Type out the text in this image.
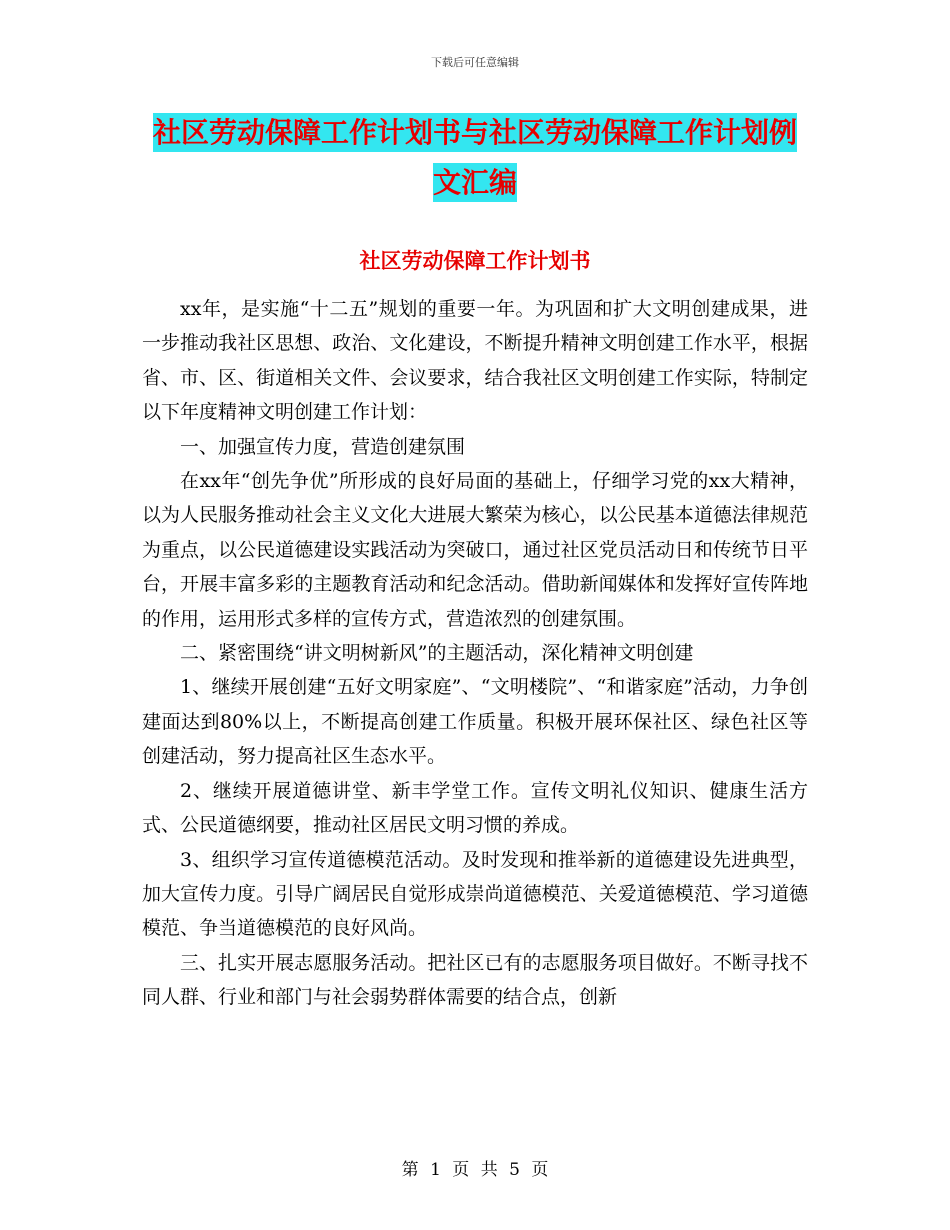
下载后可任意编辑
社区劳动保障工作计划书与社区劳动保障工作计划例
文汇编
社区劳动保障工作计划书

xx年，是实施“十二五”规划的重要一年。为巩固和扩大文明创建成果，进一步推动我社区思想、政治、文化建设，不断提升精神文明创建工作水平，根据省、市、区、街道相关文件、会议要求，结合我社区文明创建工作实际，特制定以下年度精神文明创建工作计划：

一、加强宣传力度，营造创建氛围

在xx年“创先争优”所形成的良好局面的基础上，仔细学习党的xx大精神，以为人民服务推动社会主义文化大进展大繁荣为核心，以公民基本道德法律规范为重点，以公民道德建设实践活动为突破口，通过社区党员活动日和传统节日平台，开展丰富多彩的主题教育活动和纪念活动。借助新闻媒体和发挥好宣传阵地的作用，运用形式多样的宣传方式，营造浓烈的创建氛围。

二、紧密围绕“讲文明树新风”的主题活动，深化精神文明创建

1、继续开展创建“五好文明家庭”、“文明楼院”、“和谐家庭”活动，力争创建面达到80%以上，不断提高创建工作质量。积极开展环保社区、绿色社区等创建活动，努力提高社区生态水平。

2、继续开展道德讲堂、新丰学堂工作。宣传文明礼仪知识、健康生活方式、公民道德纲要，推动社区居民文明习惯的养成。

3、组织学习宣传道德模范活动。及时发现和推举新的道德建设先进典型，加大宣传力度。引导广阔居民自觉形成崇尚道德模范、关爱道德模范、学习道德模范、争当道德模范的良好风尚。

三、扎实开展志愿服务活动。把社区已有的志愿服务项目做好。不断寻找不同人群、行业和部门与社会弱势群体需要的结合点，创新

第 1 页 共 5 页
